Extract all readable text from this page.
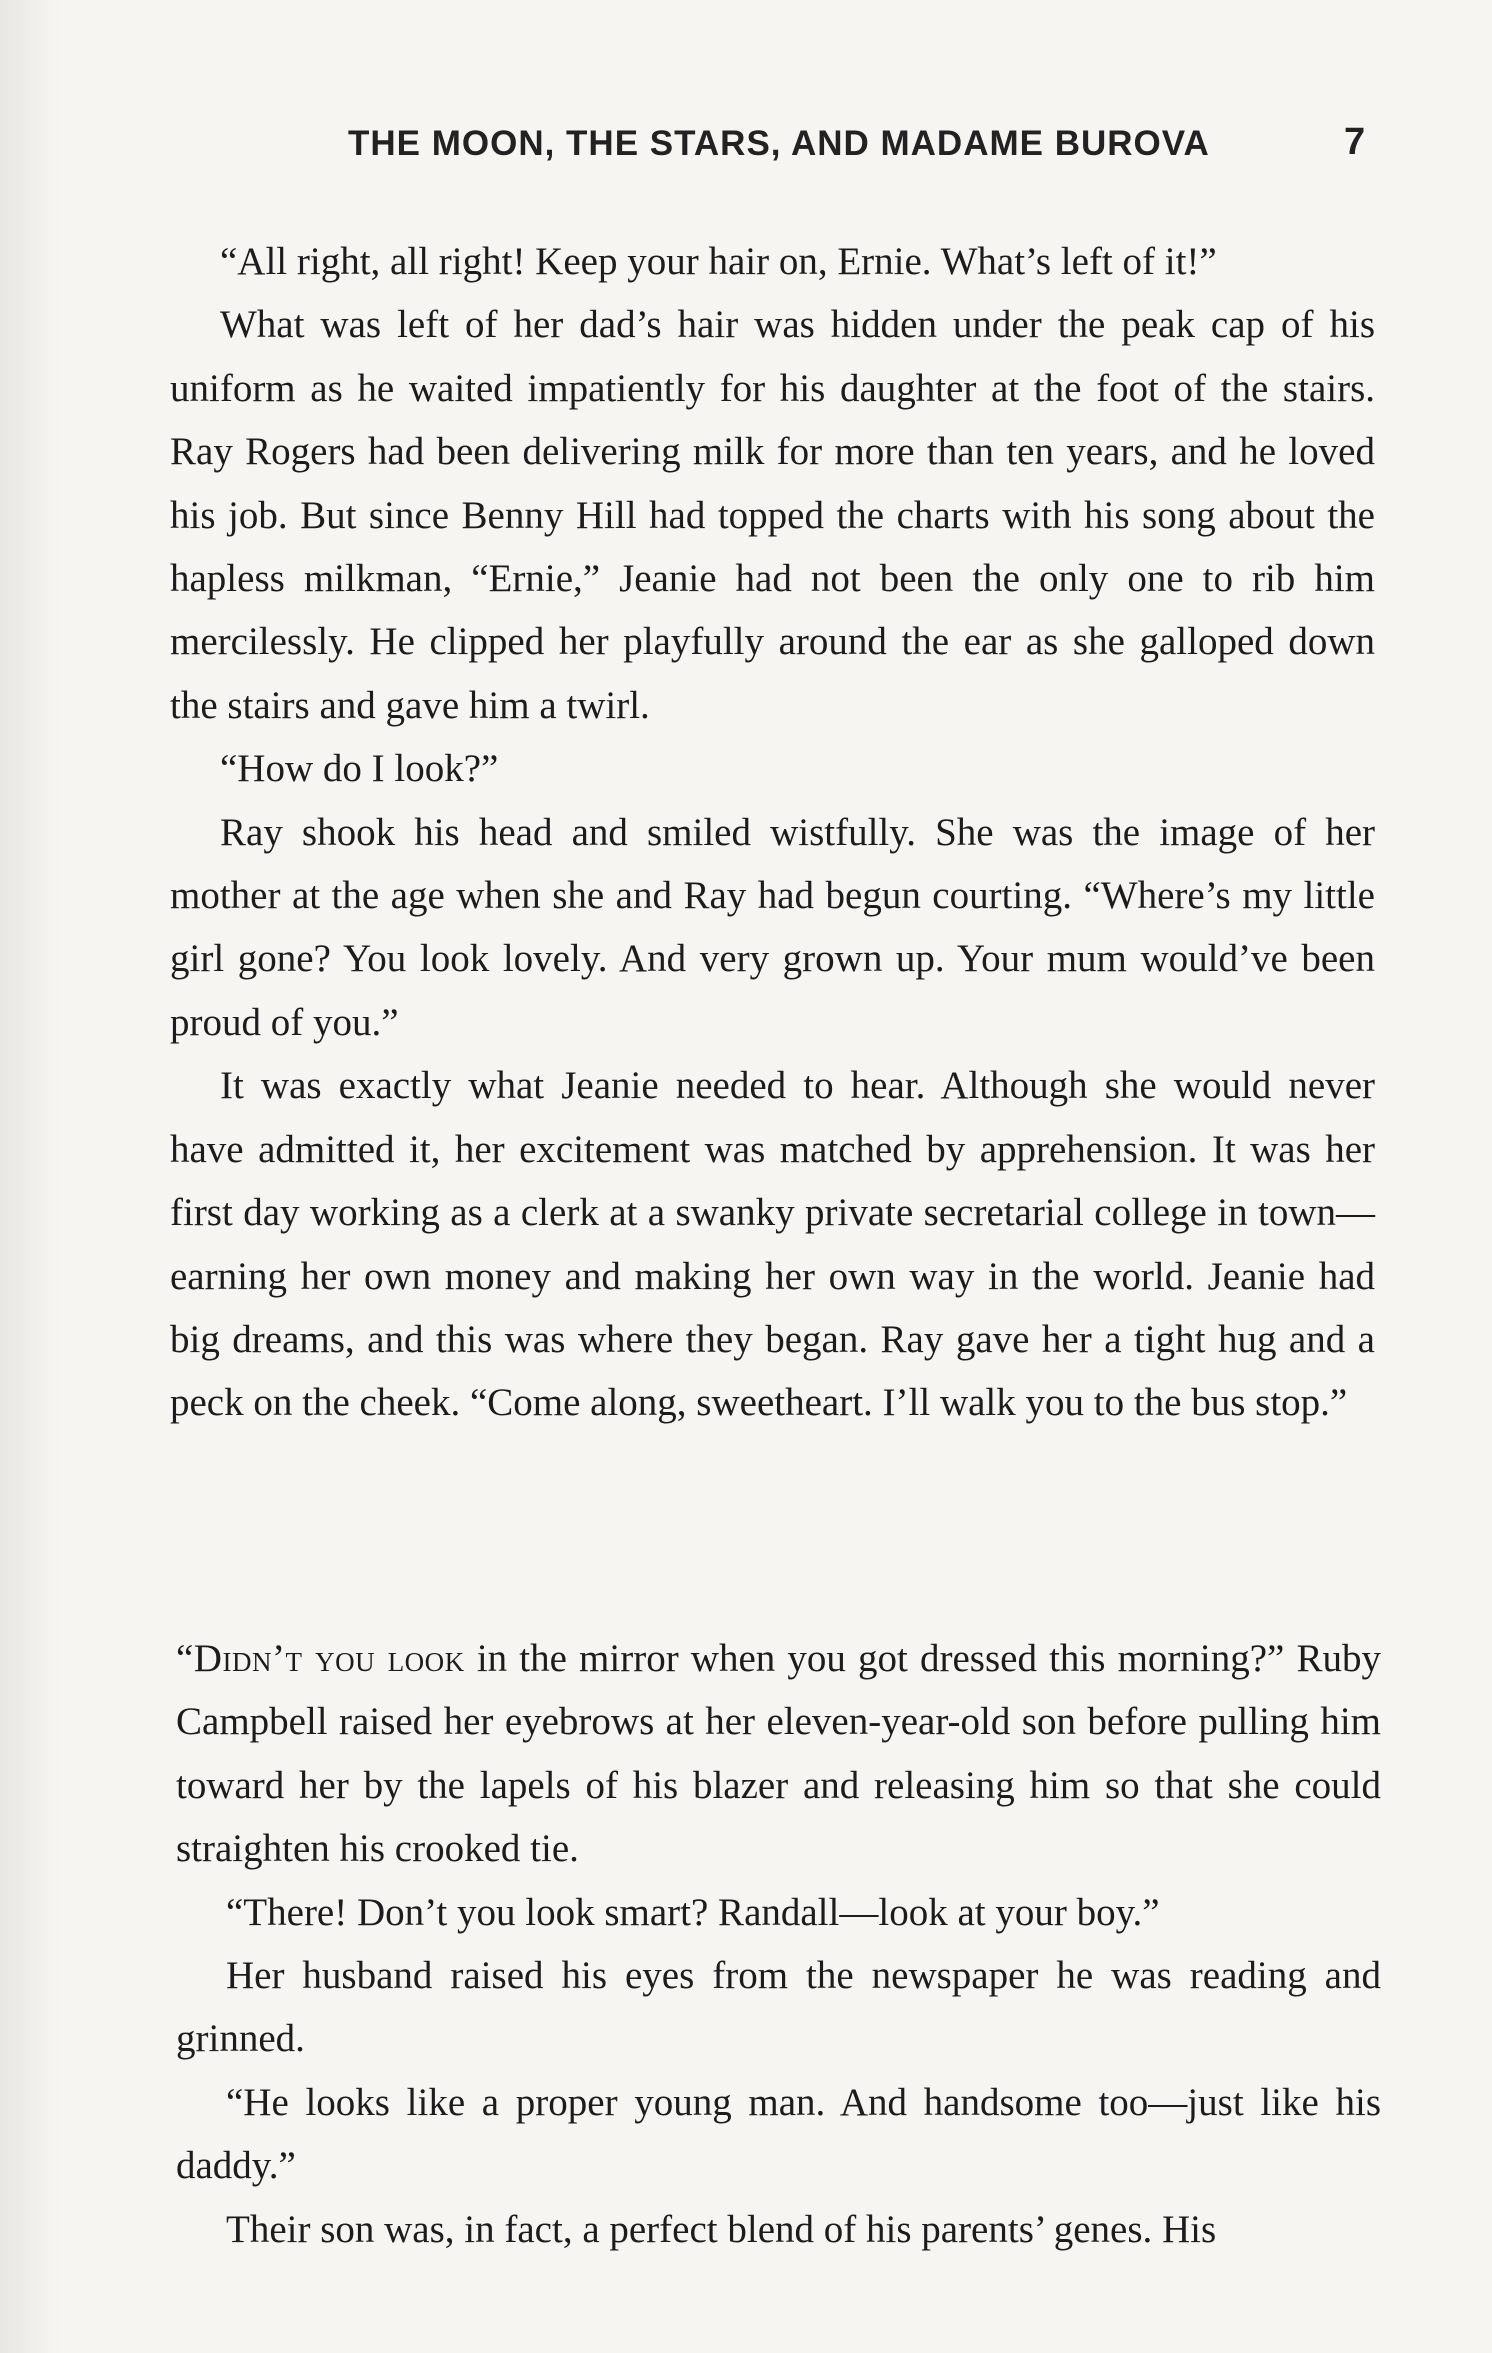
THE MOON, THE STARS, AND MADAME BUROVA	7

“All right, all right! Keep your hair on, Ernie. What’s left of it!”

What was left of her dad’s hair was hidden under the peak cap of his uniform as he waited impatiently for his daughter at the foot of the stairs. Ray Rogers had been delivering milk for more than ten years, and he loved his job. But since Benny Hill had topped the charts with his song about the hapless milkman, “Ernie,” Jeanie had not been the only one to rib him mercilessly. He clipped her playfully around the ear as she galloped down the stairs and gave him a twirl.

“How do I look?”

Ray shook his head and smiled wistfully. She was the image of her mother at the age when she and Ray had begun courting. “Where’s my little girl gone? You look lovely. And very grown up. Your mum would’ve been proud of you.”

It was exactly what Jeanie needed to hear. Although she would never have admitted it, her excitement was matched by apprehension. It was her first day working as a clerk at a swanky private secretarial college in town—earning her own money and making her own way in the world. Jeanie had big dreams, and this was where they began. Ray gave her a tight hug and a peck on the cheek. “Come along, sweetheart. I’ll walk you to the bus stop.”

“Didn’t you look in the mirror when you got dressed this morning?” Ruby Campbell raised her eyebrows at her eleven-year-old son before pulling him toward her by the lapels of his blazer and releasing him so that she could straighten his crooked tie.

“There! Don’t you look smart? Randall—look at your boy.”

Her husband raised his eyes from the newspaper he was reading and grinned.

“He looks like a proper young man. And handsome too—just like his daddy.”

Their son was, in fact, a perfect blend of his parents’ genes. His
